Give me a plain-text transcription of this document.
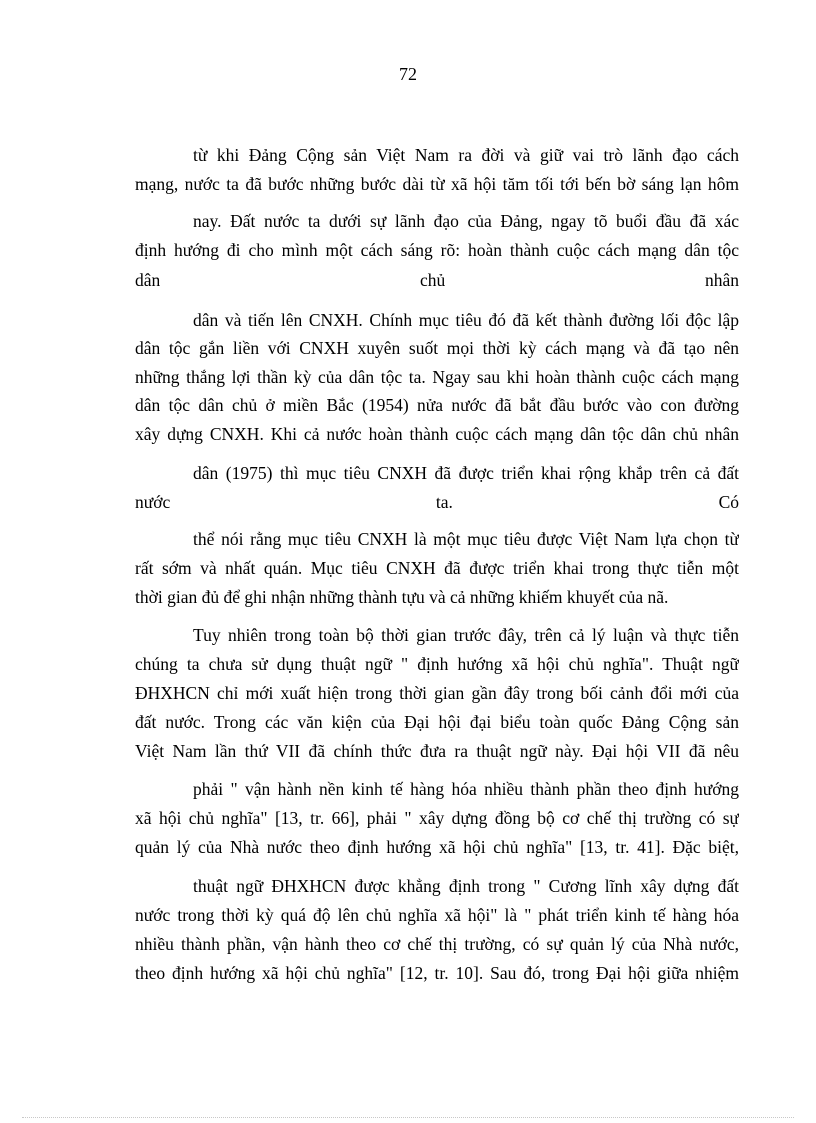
72
từ khi Đảng Cộng sản Việt Nam ra đời và giữ vai trò lãnh đạo cách
mạng, nước ta đã bước những bước dài từ xã hội tăm tối tới bến bờ sáng lạn hôm
nay. Đất nước ta dưới sự lãnh đạo của Đảng, ngay tõ buổi đầu đã xác
định hướng đi cho mình một cách sáng rõ: hoàn thành cuộc cách mạng dân tộc
dân chủ nhân
dân và tiến lên CNXH. Chính mục tiêu đó đã kết thành đường lối độc lập
dân tộc gắn liền với CNXH xuyên suốt mọi thời kỳ cách mạng và đã tạo nên
những thắng lợi thần kỳ của dân tộc ta. Ngay sau khi hoàn thành cuộc cách mạng
dân tộc dân chủ ở miền Bắc (1954) nửa nước đã bắt đầu bước vào con đường
xây dựng CNXH. Khi cả nước hoàn thành cuộc cách mạng dân tộc dân chủ nhân
dân (1975) thì mục tiêu CNXH đã được triển khai rộng khắp trên cả đất
nước ta. Có
thể nói rằng mục tiêu CNXH là một mục tiêu được Việt Nam lựa chọn từ
rất sớm và nhất quán. Mục tiêu CNXH đã được triển khai trong thực tiễn một
thời gian đủ để ghi nhận những thành tựu và cả những khiếm khuyết của nã.
Tuy nhiên trong toàn bộ thời gian trước đây, trên cả lý luận và thực tiễn
chúng ta chưa sử dụng thuật ngữ " định hướng xã hội chủ nghĩa". Thuật ngữ
ĐHXHCN chỉ mới xuất hiện trong thời gian gần đây trong bối cảnh đổi mới của
đất nước. Trong các văn kiện của Đại hội đại biểu toàn quốc Đảng Cộng sản
Việt Nam lần thứ VII đã chính thức đưa ra thuật ngữ này. Đại hội VII đã nêu
phải " vận hành nền kinh tế hàng hóa nhiều thành phần theo định hướng
xã hội chủ nghĩa" [13, tr. 66], phải " xây dựng đồng bộ cơ chế thị trường có sự
quản lý của Nhà nước theo định hướng xã hội chủ nghĩa" [13, tr. 41]. Đặc biệt,
thuật ngữ ĐHXHCN được khẳng định trong " Cương lĩnh xây dựng đất
nước trong thời kỳ quá độ lên chủ nghĩa xã hội" là " phát triển kinh tế hàng hóa
nhiều thành phần, vận hành theo cơ chế thị trường, có sự quản lý của Nhà nước,
theo định hướng xã hội chủ nghĩa" [12, tr. 10]. Sau đó, trong Đại hội giữa nhiệm
